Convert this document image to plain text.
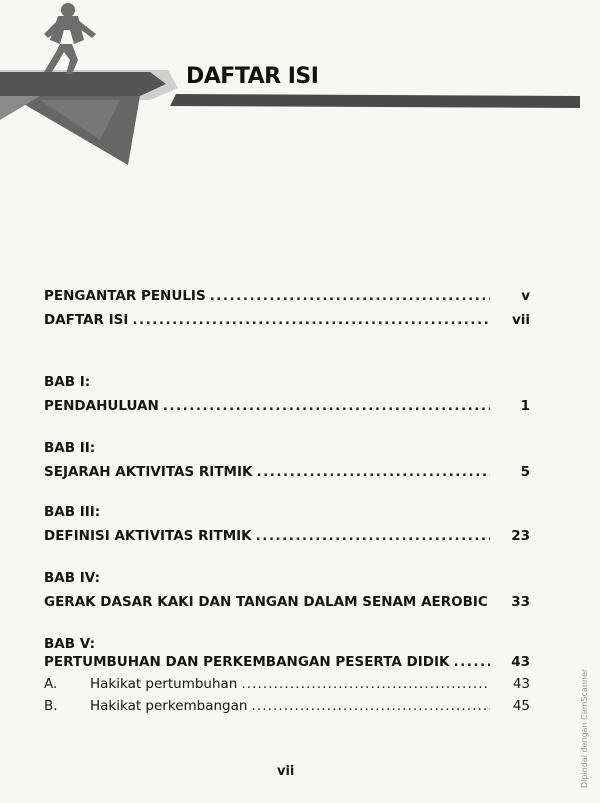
DAFTAR ISI
PENGANTAR PENULIS . . .	v
DAFTAR ISI . . .	vii
BAB I:
PENDAHULUAN . . .	1
BAB II:
SEJARAH AKTIVITAS RITMIK . . .	5
BAB III:
DEFINISI AKTIVITAS RITMIK . . .	23
BAB IV:
GERAK DASAR KAKI DAN TANGAN DALAM SENAM AEROBIC	33
BAB V:
PERTUMBUHAN DAN PERKEMBANGAN PESERTA DIDIK . . .	43
A. Hakikat pertumbuhan . . .	43
B. Hakikat perkembangan . . .	45
vii	Dipindai dengan CamScanner
